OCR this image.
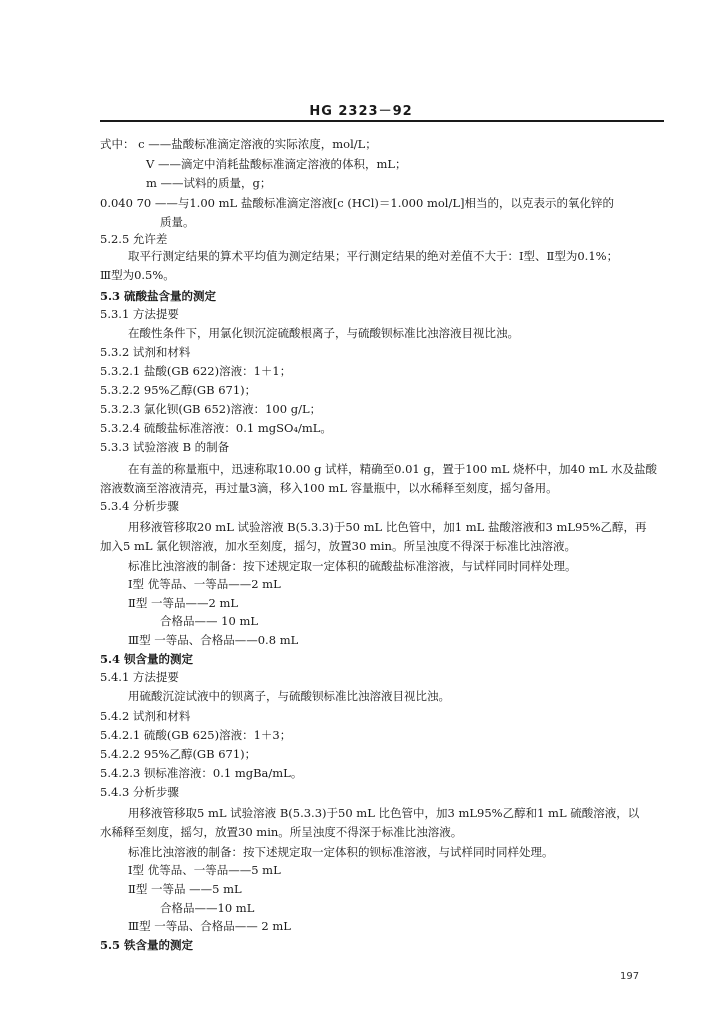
HG 2323－92
式中： c ——盐酸标准滴定溶液的实际浓度，mol/L；
V ——滴定中消耗盐酸标准滴定溶液的体积，mL；
m ——试料的质量，g；
0.040 70 ——与1.00 mL 盐酸标准滴定溶液[c (HCl)＝1.000 mol/L]相当的，以克表示的氧化锌的
质量。
5.2.5 允许差
取平行测定结果的算术平均值为测定结果；平行测定结果的绝对差值不大于：Ⅰ型、Ⅱ型为0.1%；
Ⅲ型为0.5%。
5.3 硫酸盐含量的测定
5.3.1 方法提要
在酸性条件下，用氯化钡沉淀硫酸根离子，与硫酸钡标准比浊溶液目视比浊。
5.3.2 试剂和材料
5.3.2.1 盐酸(GB 622)溶液：1＋1；
5.3.2.2 95%乙醇(GB 671)；
5.3.2.3 氯化钡(GB 652)溶液：100 g/L；
5.3.2.4 硫酸盐标准溶液：0.1 mgSO₄/mL。
5.3.3 试验溶液 B 的制备
在有盖的称量瓶中，迅速称取10.00 g 试样，精确至0.01 g，置于100 mL 烧杯中，加40 mL 水及盐酸
溶液数滴至溶液清亮，再过量3滴，移入100 mL 容量瓶中，以水稀释至刻度，摇匀备用。
5.3.4 分析步骤
用移液管移取20 mL 试验溶液 B(5.3.3)于50 mL 比色管中，加1 mL 盐酸溶液和3 mL95%乙醇，再
加入5 mL 氯化钡溶液，加水至刻度，摇匀，放置30 min。所呈浊度不得深于标准比浊溶液。
标准比浊溶液的制备：按下述规定取一定体积的硫酸盐标准溶液，与试样同时同样处理。
Ⅰ型 优等品、一等品——2 mL
Ⅱ型 一等品——2 mL
合格品—— 10 mL
Ⅲ型 一等品、合格品——0.8 mL
5.4 钡含量的测定
5.4.1 方法提要
用硫酸沉淀试液中的钡离子，与硫酸钡标准比浊溶液目视比浊。
5.4.2 试剂和材料
5.4.2.1 硫酸(GB 625)溶液：1＋3；
5.4.2.2 95%乙醇(GB 671)；
5.4.2.3 钡标准溶液：0.1 mgBa/mL。
5.4.3 分析步骤
用移液管移取5 mL 试验溶液 B(5.3.3)于50 mL 比色管中，加3 mL95%乙醇和1 mL 硫酸溶液，以
水稀释至刻度，摇匀，放置30 min。所呈浊度不得深于标准比浊溶液。
标准比浊溶液的制备：按下述规定取一定体积的钡标准溶液，与试样同时同样处理。
Ⅰ型 优等品、一等品——5 mL
Ⅱ型 一等品 ——5 mL
合格品——10 mL
Ⅲ型 一等品、合格品—— 2 mL
5.5 铁含量的测定
197
